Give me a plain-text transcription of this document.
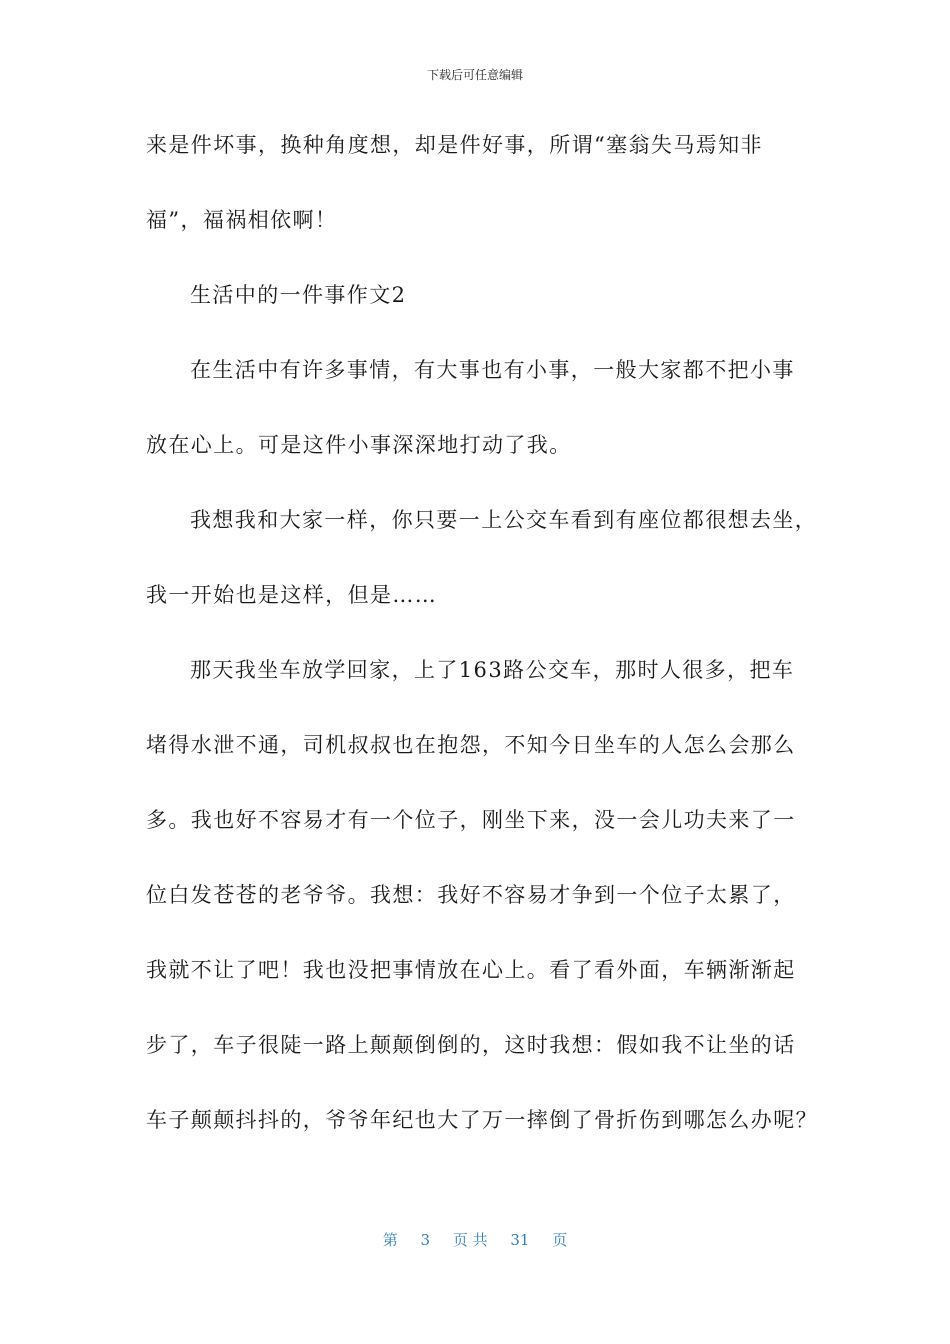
下载后可任意编辑
来是件坏事，换种角度想，却是件好事，所谓“塞翁失马焉知非
福”，福祸相依啊！
生活中的一件事作文2
在生活中有许多事情，有大事也有小事，一般大家都不把小事
放在心上。可是这件小事深深地打动了我。
我想我和大家一样，你只要一上公交车看到有座位都很想去坐，
我一开始也是这样，但是……
那天我坐车放学回家，上了163路公交车，那时人很多，把车
堵得水泄不通，司机叔叔也在抱怨，不知今日坐车的人怎么会那么
多。我也好不容易才有一个位子，刚坐下来，没一会儿功夫来了一
位白发苍苍的老爷爷。我想：我好不容易才争到一个位子太累了，
我就不让了吧！我也没把事情放在心上。看了看外面，车辆渐渐起
步了，车子很陡一路上颠颠倒倒的，这时我想：假如我不让坐的话
车子颠颠抖抖的，爷爷年纪也大了万一摔倒了骨折伤到哪怎么办呢？
第 3 页 共 31 页
